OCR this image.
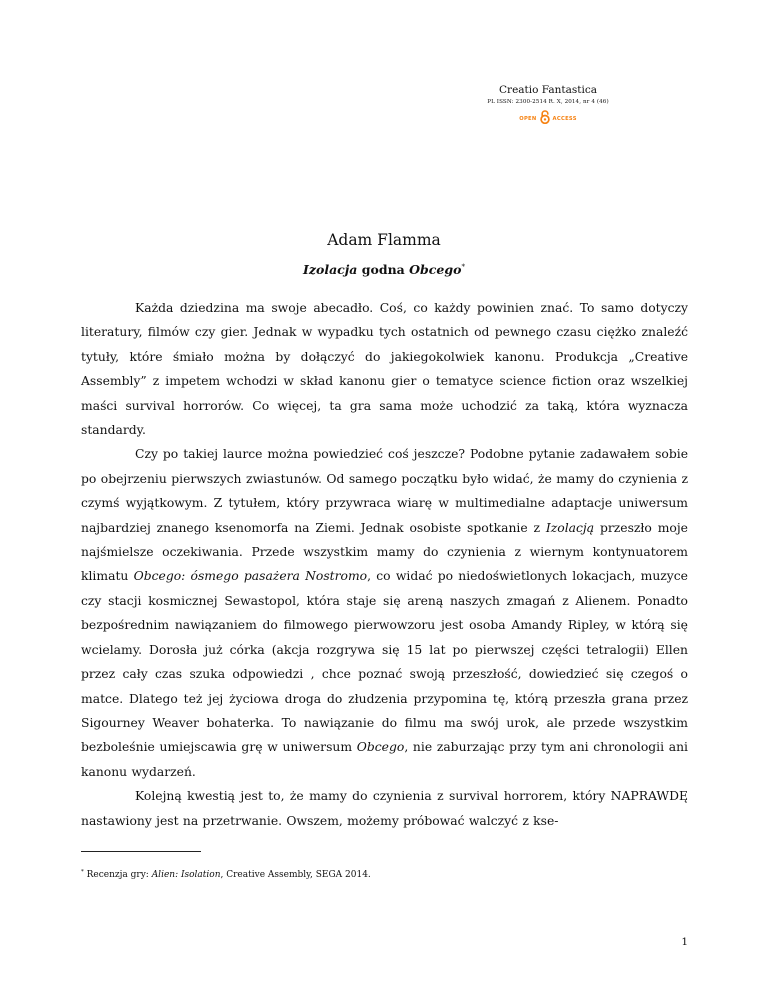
Creatio Fantastica
PL ISSN: 2300-2514 R. X, 2014, nr 4 (46)
OPEN	ACCESS
Adam Flamma
Izolacja godna Obcego*

Każda dziedzina ma swoje abecadło. Coś, co każdy powinien znać. To samo dotyczy literatury, filmów czy gier. Jednak w wypadku tych ostatnich od pewnego czasu ciężko znaleźć tytuły, które śmiało można by dołączyć do jakiegokolwiek kanonu. Produkcja „Creative Assembly” z impetem wchodzi w skład kanonu gier o tematyce science fiction oraz wszelkiej maści survival horrorów. Co więcej, ta gra sama może uchodzić za taką, która wyznacza standardy.

Czy po takiej laurce można powiedzieć coś jeszcze? Podobne pytanie zadawałem sobie po obejrzeniu pierwszych zwiastunów. Od samego początku było widać, że mamy do czynienia z czymś wyjątkowym. Z tytułem, który przywraca wiarę w multimedialne adaptacje uniwersum najbardziej znanego ksenomorfa na Ziemi. Jednak osobiste spotkanie z Izolacją przeszło moje najśmielsze oczekiwania. Przede wszystkim mamy do czynienia z wiernym kontynuatorem klimatu Obcego: ósmego pasażera Nostromo, co widać po niedoświetlonych lokacjach, muzyce czy stacji kosmicznej Sewastopol, która staje się areną naszych zmagań z Alienem. Ponadto bezpośrednim nawiązaniem do filmowego pierwowzoru jest osoba Amandy Ripley, w którą się wcielamy. Dorosła już córka (akcja rozgrywa się 15 lat po pierwszej części tetralogii) Ellen przez cały czas szuka odpowiedzi , chce poznać swoją przeszłość, dowiedzieć się czegoś o matce. Dlatego też jej życiowa droga do złudzenia przypomina tę, którą przeszła grana przez Sigourney Weaver bohaterka. To nawiązanie do filmu ma swój urok, ale przede wszystkim bezboleśnie umiejscawia grę w uniwersum Obcego, nie zaburzając przy tym ani chronologii ani kanonu wydarzeń.

Kolejną kwestią jest to, że mamy do czynienia z survival horrorem, który NAPRAWDĘ nastawiony jest na przetrwanie. Owszem, możemy próbować walczyć z kse-

* Recenzja gry: Alien: Isolation, Creative Assembly, SEGA 2014.
1
